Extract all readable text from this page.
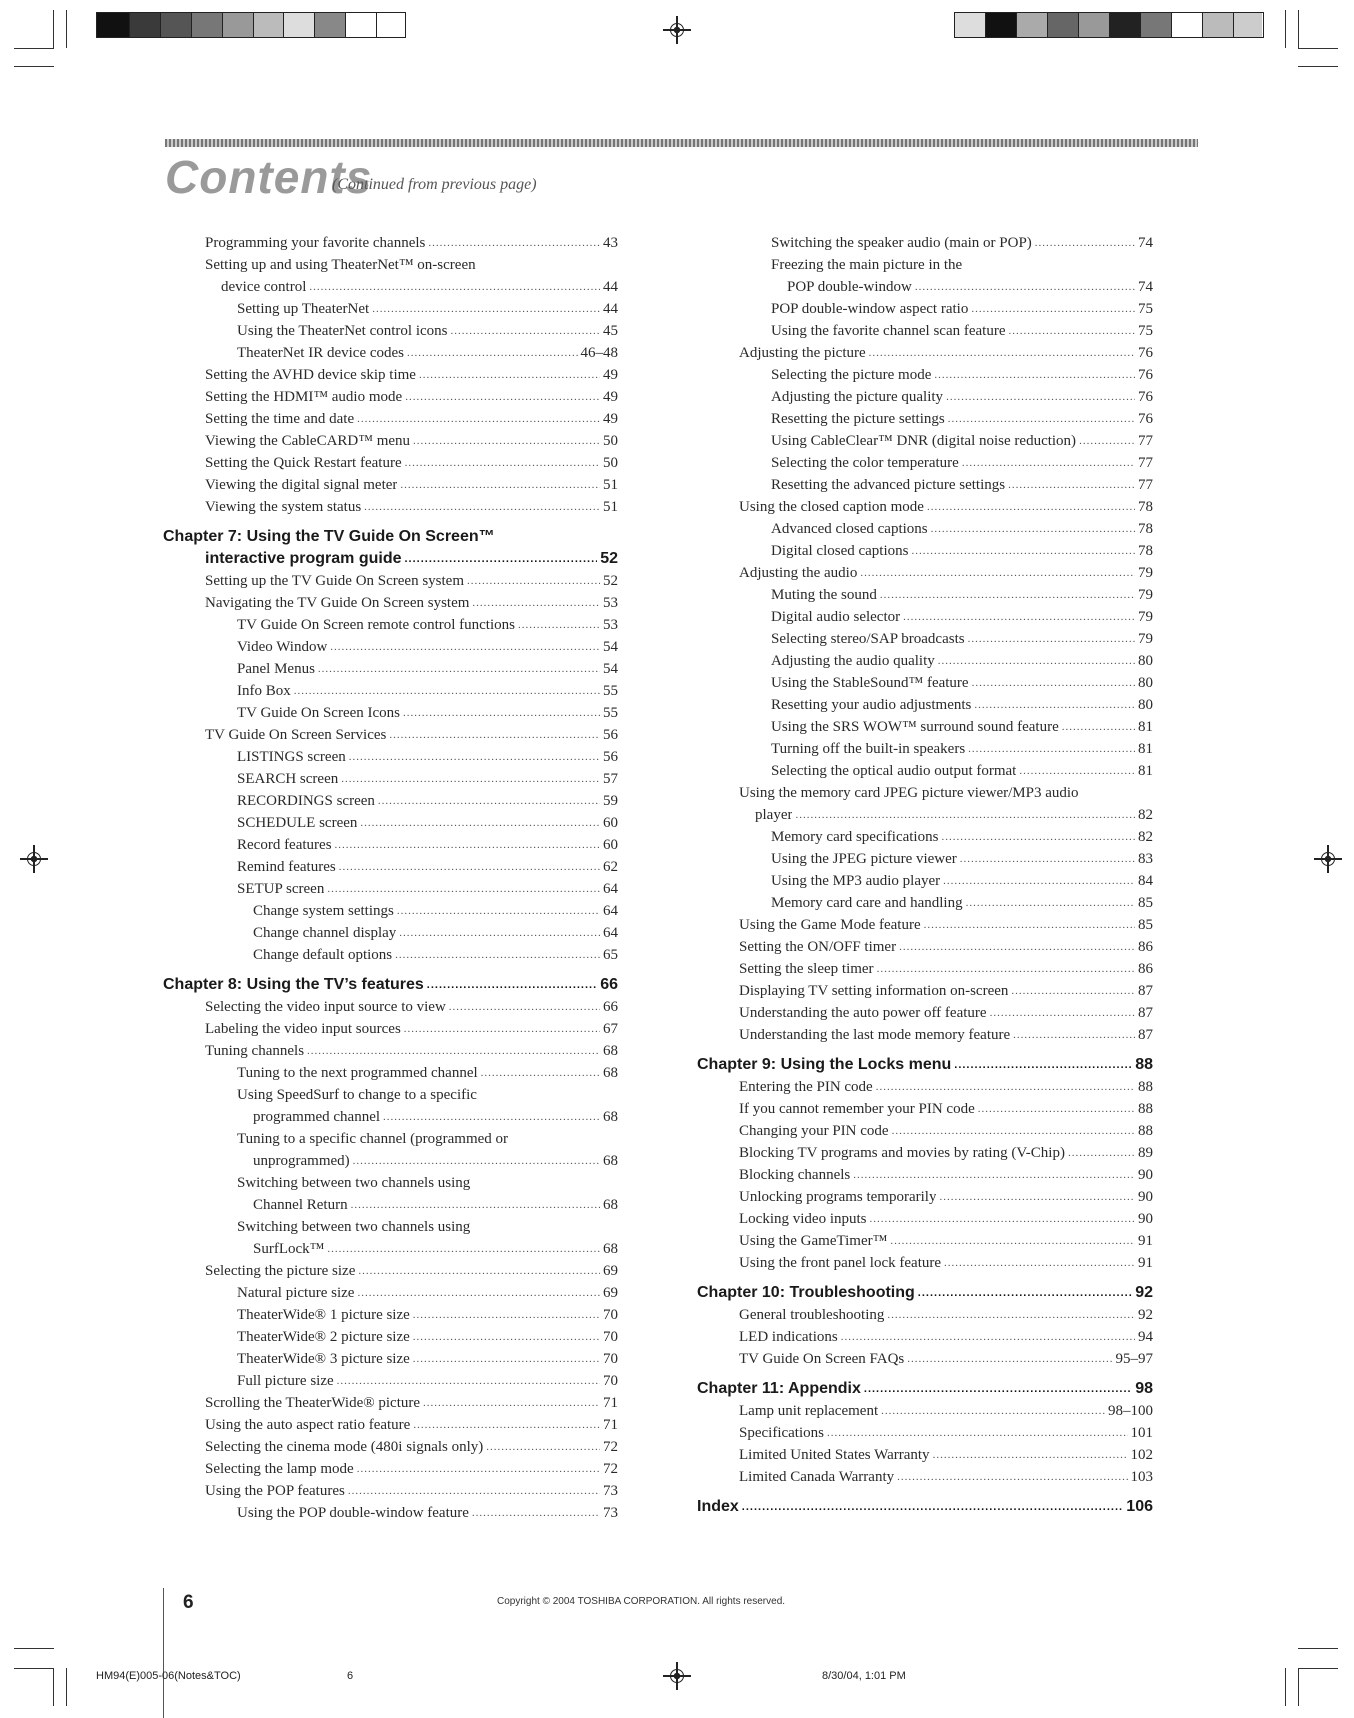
Contents
(Continued from previous page)
Programming your favorite channels .....	43
Setting up and using TheaterNet™ on-screen
device control .....	44
Setting up TheaterNet .....	44
Using the TheaterNet control icons .....	45
TheaterNet IR device codes .....	46–48
Setting the AVHD device skip time .....	49
Setting the HDMI™ audio mode .....	49
Setting the time and date .....	49
Viewing the CableCARD™ menu .....	50
Setting the Quick Restart feature .....	50
Viewing the digital signal meter .....	51
Viewing the system status .....	51
Chapter 7: Using the TV Guide On Screen™
interactive program guide .....	52
Setting up the TV Guide On Screen system .....	52
Navigating the TV Guide On Screen system .....	53
TV Guide On Screen remote control functions .....	53
Video Window .....	54
Panel Menus .....	54
Info Box .....	55
TV Guide On Screen Icons .....	55
TV Guide On Screen Services .....	56
LISTINGS screen .....	56
SEARCH screen .....	57
RECORDINGS screen .....	59
SCHEDULE screen .....	60
Record features .....	60
Remind features .....	62
SETUP screen .....	64
Change system settings .....	64
Change channel display .....	64
Change default options .....	65
Chapter 8: Using the TV’s features .....	66
Selecting the video input source to view .....	66
Labeling the video input sources .....	67
Tuning channels .....	68
Tuning to the next programmed channel .....	68
Using SpeedSurf to change to a specific
programmed channel .....	68
Tuning to a specific channel (programmed or
unprogrammed) .....	68
Switching between two channels using
Channel Return .....	68
Switching between two channels using
SurfLock™ .....	68
Selecting the picture size .....	69
Natural picture size .....	69
TheaterWide® 1 picture size .....	70
TheaterWide® 2 picture size .....	70
TheaterWide® 3 picture size .....	70
Full picture size .....	70
Scrolling the TheaterWide® picture .....	71
Using the auto aspect ratio feature .....	71
Selecting the cinema mode (480i signals only) .....	72
Selecting the lamp mode .....	72
Using the POP features .....	73
Using the POP double-window feature .....	73
Switching the speaker audio (main or POP) .....	74
Freezing the main picture in the
POP double-window .....	74
POP double-window aspect ratio .....	75
Using the favorite channel scan feature .....	75
Adjusting the picture .....	76
Selecting the picture mode .....	76
Adjusting the picture quality .....	76
Resetting the picture settings .....	76
Using CableClear™ DNR (digital noise reduction) .....	77
Selecting the color temperature .....	77
Resetting the advanced picture settings .....	77
Using the closed caption mode .....	78
Advanced closed captions .....	78
Digital closed captions .....	78
Adjusting the audio .....	79
Muting the sound .....	79
Digital audio selector .....	79
Selecting stereo/SAP broadcasts .....	79
Adjusting the audio quality .....	80
Using the StableSound™ feature .....	80
Resetting your audio adjustments .....	80
Using the SRS WOW™ surround sound feature .....	81
Turning off the built-in speakers .....	81
Selecting the optical audio output format .....	81
Using the memory card JPEG picture viewer/MP3 audio
player .....	82
Memory card specifications .....	82
Using the JPEG picture viewer .....	83
Using the MP3 audio player .....	84
Memory card care and handling .....	85
Using the Game Mode feature .....	85
Setting the ON/OFF timer .....	86
Setting the sleep timer .....	86
Displaying TV setting information on-screen .....	87
Understanding the auto power off feature .....	87
Understanding the last mode memory feature .....	87
Chapter 9: Using the Locks menu .....	88
Entering the PIN code .....	88
If you cannot remember your PIN code .....	88
Changing your PIN code .....	88
Blocking TV programs and movies by rating (V-Chip) .....	89
Blocking channels .....	90
Unlocking programs temporarily .....	90
Locking video inputs .....	90
Using the GameTimer™ .....	91
Using the front panel lock feature .....	91
Chapter 10: Troubleshooting .....	92
General troubleshooting .....	92
LED indications .....	94
TV Guide On Screen FAQs .....	95–97
Chapter 11: Appendix .....	98
Lamp unit replacement .....	98–100
Specifications .....	101
Limited United States Warranty .....	102
Limited Canada Warranty .....	103
Index .....	106
6	Copyright © 2004 TOSHIBA CORPORATION. All rights reserved.
HM94(E)005-06(Notes&TOC)	6	8/30/04, 1:01 PM
